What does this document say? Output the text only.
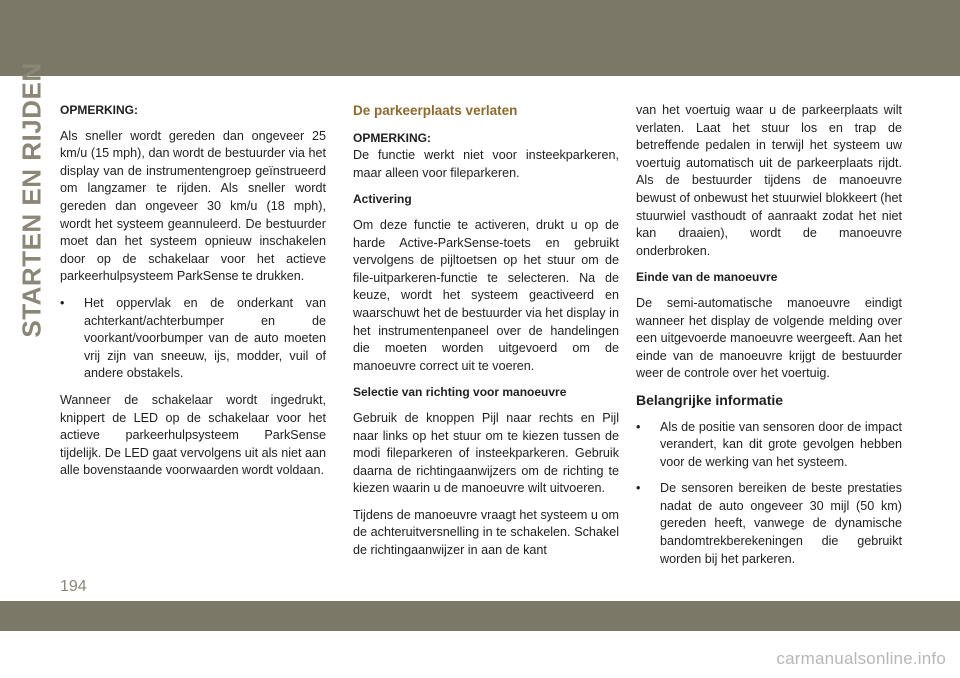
STARTEN EN RIJDEN OPMERKING:

Als sneller wordt gereden dan ongeveer 25 km/u (15 mph), dan wordt de bestuurder via het display van de instrumentengroep geïnstrueerd om langzamer te rijden. Als sneller wordt gereden dan ongeveer 30 km/u (18 mph), wordt het systeem geannuleerd. De bestuurder moet dan het systeem opnieuw inschakelen door op de schakelaar voor het actieve parkeerhulpsysteem ParkSense te drukken.

• Het oppervlak en de onderkant van achterkant/achterbumper en de voorkant/voorbumper van de auto moeten vrij zijn van sneeuw, ijs, modder, vuil of andere obstakels.

Wanneer de schakelaar wordt ingedrukt, knippert de LED op de schakelaar voor het actieve parkeerhulpsysteem ParkSense tijdelijk. De LED gaat vervolgens uit als niet aan alle bovenstaande voorwaarden wordt voldaan.

De parkeerplaats verlaten

OPMERKING:

De functie werkt niet voor insteekparkeren, maar alleen voor fileparkeren.

Activering

Om deze functie te activeren, drukt u op de harde Active-ParkSense-toets en gebruikt vervolgens de pijltoetsen op het stuur om de file-uitparkeren-functie te selecteren. Na de keuze, wordt het systeem geactiveerd en waarschuwt het de bestuurder via het display in het instrumentenpaneel over de handelingen die moeten worden uitgevoerd om de manoeuvre correct uit te voeren.

Selectie van richting voor manoeuvre

Gebruik de knoppen Pijl naar rechts en Pijl naar links op het stuur om te kiezen tussen de modi fileparkeren of insteekparkeren. Gebruik daarna de richtingaanwijzers om de richting te kiezen waarin u de manoeuvre wilt uitvoeren.

Tijdens de manoeuvre vraagt het systeem u om de achteruitversnelling in te schakelen. Schakel de richtingaanwijzer in aan de kant

van het voertuig waar u de parkeerplaats wilt verlaten. Laat het stuur los en trap de betreffende pedalen in terwijl het systeem uw voertuig automatisch uit de parkeerplaats rijdt. Als de bestuurder tijdens de manoeuvre bewust of onbewust het stuurwiel blokkeert (het stuurwiel vasthoudt of aanraakt zodat het niet kan draaien), wordt de manoeuvre onderbroken.

Einde van de manoeuvre

De semi-automatische manoeuvre eindigt wanneer het display de volgende melding over een uitgevoerde manoeuvre weergeeft. Aan het einde van de manoeuvre krijgt de bestuurder weer de controle over het voertuig.

Belangrijke informatie
• Als de positie van sensoren door de impact verandert, kan dit grote gevolgen hebben voor de werking van het systeem.
• De sensoren bereiken de beste prestaties nadat de auto ongeveer 30 mijl (50 km) gereden heeft, vanwege de dynamische bandomtrekberekeningen die gebruikt worden bij het parkeren.
194
carmanualsonline.info
